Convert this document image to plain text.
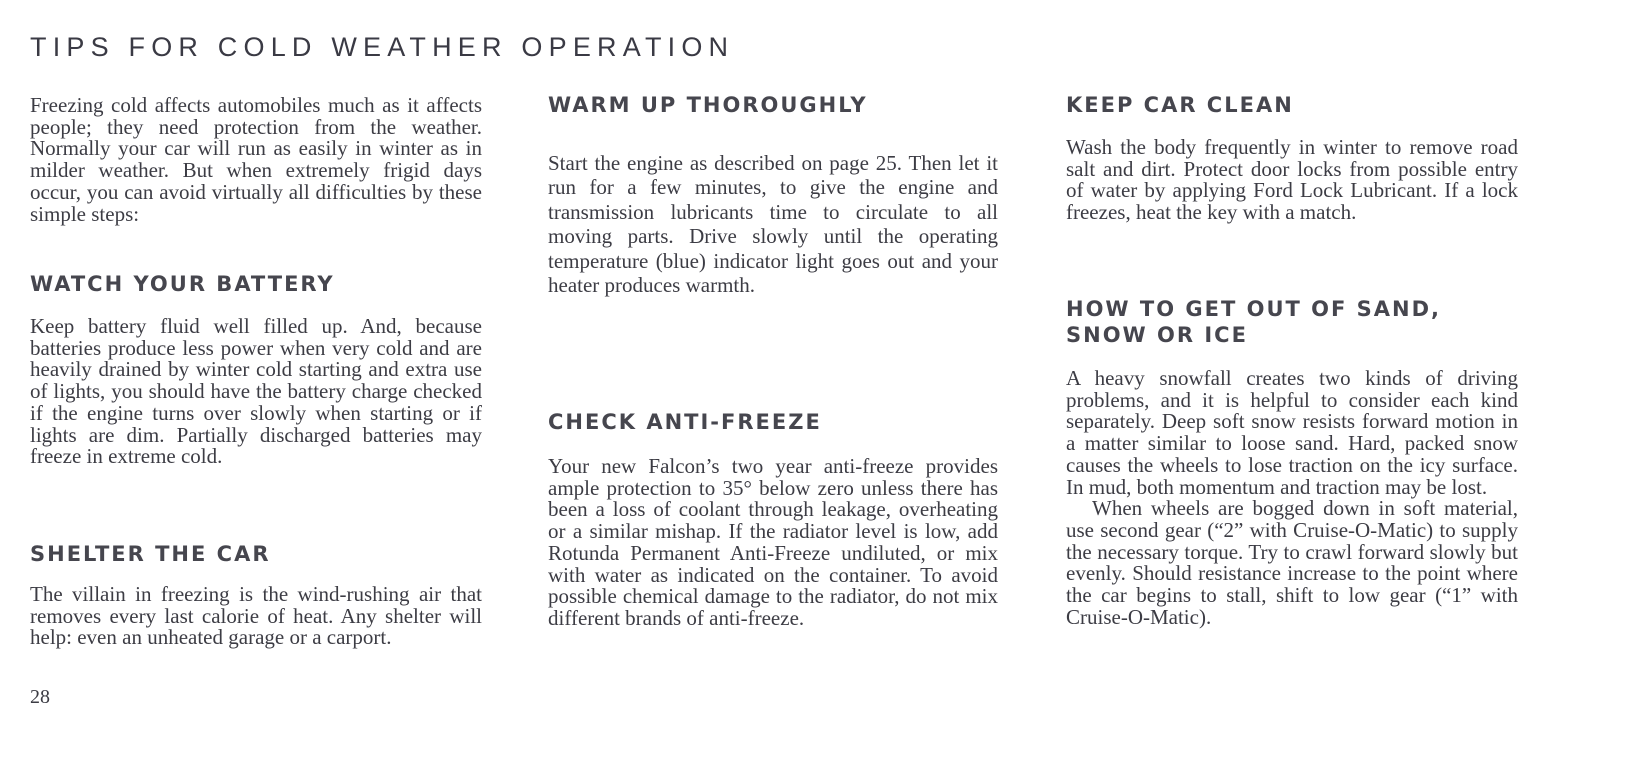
TIPS FOR COLD WEATHER OPERATION

Freezing cold affects automobiles much as it affects people; they need protection from the weather. Normally your car will run as easily in winter as in milder weather. But when extremely frigid days occur, you can avoid virtually all difficulties by these simple steps:

WATCH YOUR BATTERY

Keep battery fluid well filled up. And, because batteries produce less power when very cold and are heavily drained by winter cold starting and extra use of lights, you should have the battery charge checked if the engine turns over slowly when starting or if lights are dim. Partially discharged batteries may freeze in extreme cold.

SHELTER THE CAR

The villain in freezing is the wind-rushing air that removes every last calorie of heat. Any shelter will help: even an unheated garage or a carport.

WARM UP THOROUGHLY

Start the engine as described on page 25. Then let it run for a few minutes, to give the engine and transmission lubricants time to circulate to all moving parts. Drive slowly until the operating temperature (blue) indicator light goes out and your heater produces warmth.

CHECK ANTI-FREEZE

Your new Falcon’s two year anti-freeze provides ample protection to 35° below zero unless there has been a loss of coolant through leakage, overheating or a similar mishap. If the radiator level is low, add Rotunda Permanent Anti-Freeze undiluted, or mix with water as indicated on the container. To avoid possible chemical damage to the radiator, do not mix different brands of anti-freeze.

KEEP CAR CLEAN

Wash the body frequently in winter to remove road salt and dirt. Protect door locks from possible entry of water by applying Ford Lock Lubricant. If a lock freezes, heat the key with a match.

HOW TO GET OUT OF SAND,
SNOW OR ICE

A heavy snowfall creates two kinds of driving problems, and it is helpful to consider each kind separately. Deep soft snow resists forward motion in a matter similar to loose sand. Hard, packed snow causes the wheels to lose traction on the icy surface. In mud, both momentum and traction may be lost.

When wheels are bogged down in soft material, use second gear (“2” with Cruise-O-Matic) to supply the necessary torque. Try to crawl forward slowly but evenly. Should resistance increase to the point where the car begins to stall, shift to low gear (“1” with Cruise-O-Matic).

28
